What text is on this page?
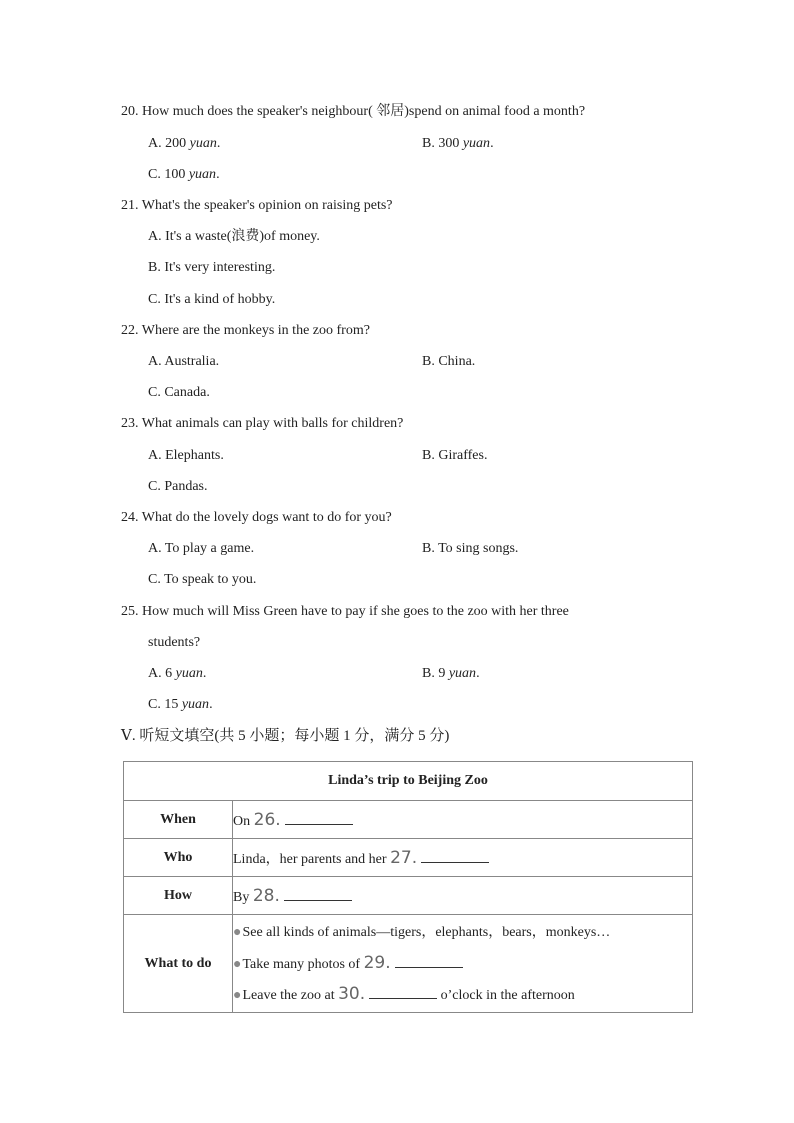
20. How much does the speaker's neighbour( 邻居)spend on animal food a month?
A. 200 yuan.	B. 300 yuan.
C. 100 yuan.
21. What's the speaker's opinion on raising pets?
A. It's a waste(浪费)of money.
B. It's very interesting.
C. It's a kind of hobby.
22. Where are the monkeys in the zoo from?
A. Australia.	B. China.
C. Canada.
23. What animals can play with balls for children?
A. Elephants.	B. Giraffes.
C. Pandas.
24. What do the lovely dogs want to do for you?
A. To play a game.	B. To sing songs.
C. To speak to you.
25. How much will Miss Green have to pay if she goes to the zoo with her three
students?
A. 6 yuan.	B. 9 yuan.
C. 15 yuan.
Ⅴ. 听短文填空(共 5 小题；每小题 1 分，满分 5 分)
Linda’s trip to Beijing Zoo	
When	On 26.
Who	Linda，her parents and her 27.
How	By 28.
What to do	●See all kinds of animals—tigers，elephants，bears，monkeys…
●Take many photos of 29.
●Leave the zoo at 30. o’clock in the afternoon
